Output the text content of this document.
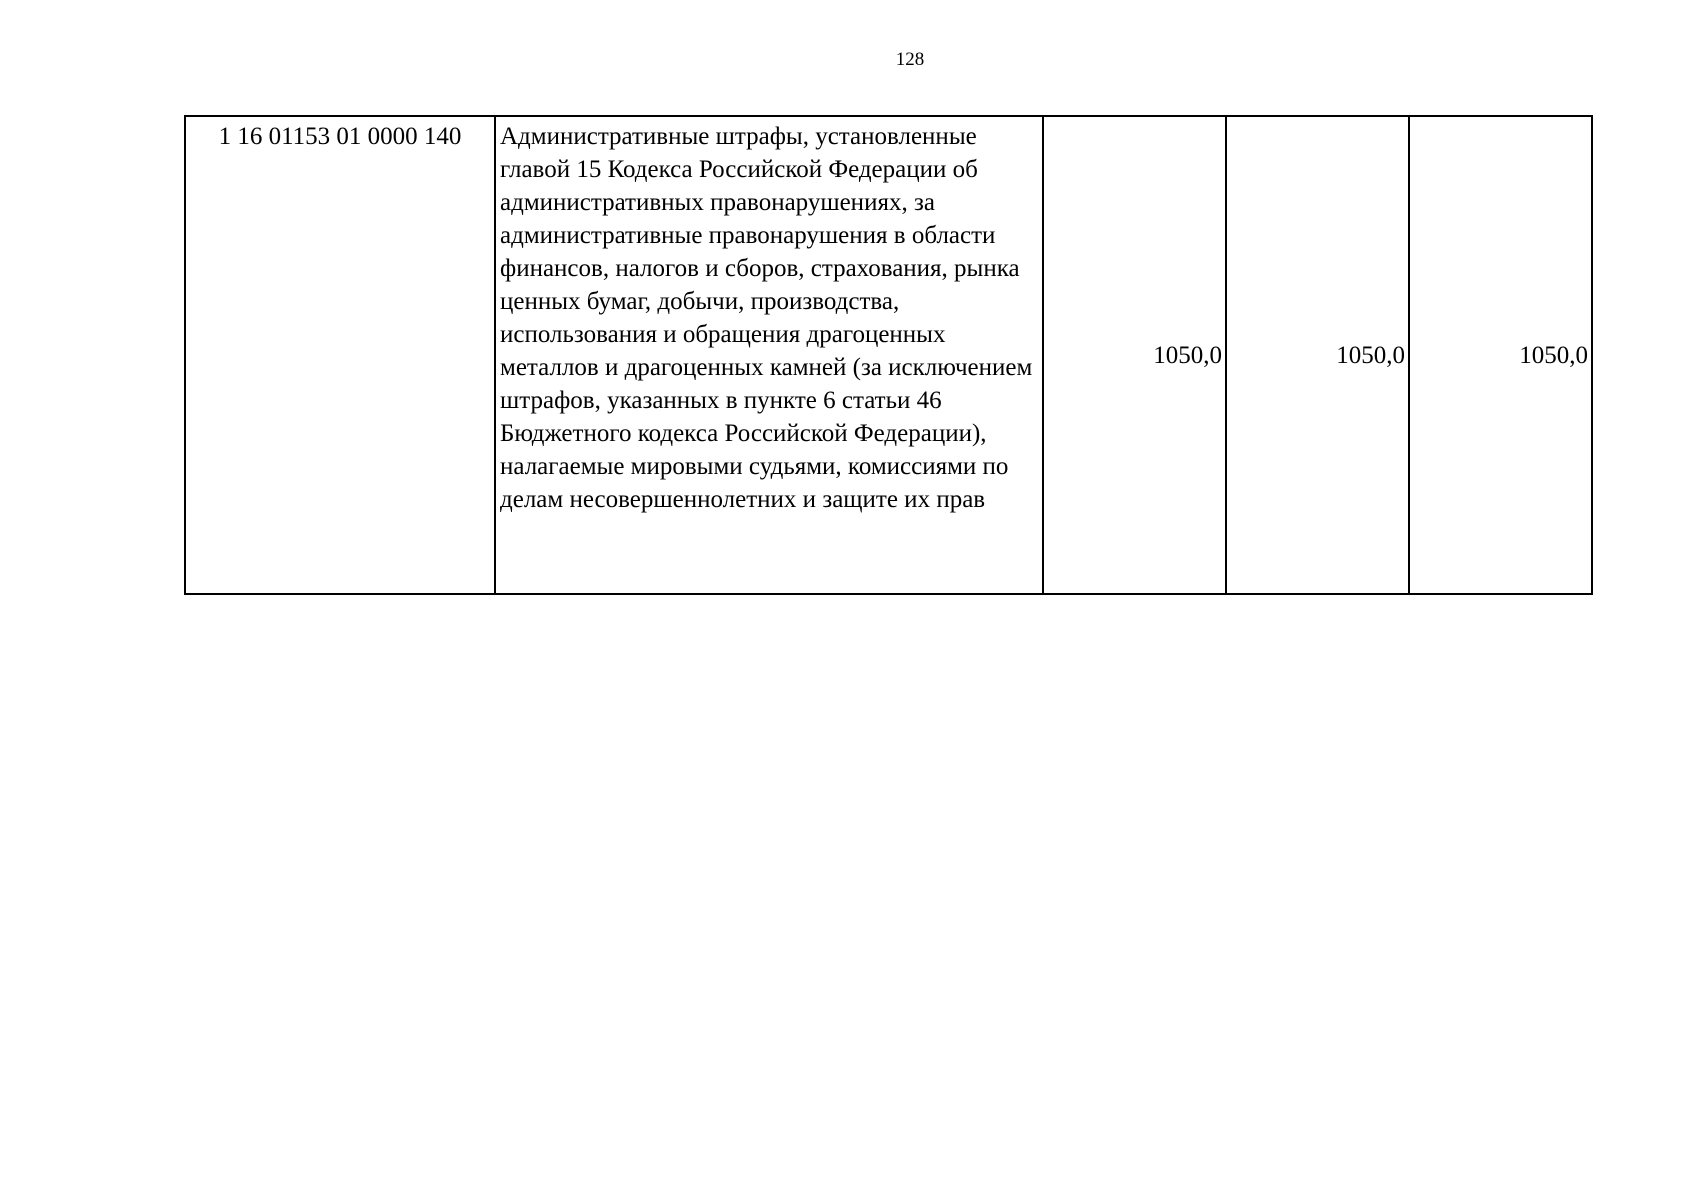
128
1 16 01153 01 0000 140	Административные штрафы, установленные главой 15 Кодекса Российской Федерации об административных правонарушениях, за административные правонарушения в области финансов, налогов и сборов, страхования, рынка ценных бумаг, добычи, производства, использования и обращения драгоценных металлов и драгоценных камней (за исключением штрафов, указанных в пункте 6 статьи 46 Бюджетного кодекса Российской Федерации), налагаемые мировыми судьями, комиссиями по делам несовершеннолетних и защите их прав	1050,0	1050,0	1050,0
